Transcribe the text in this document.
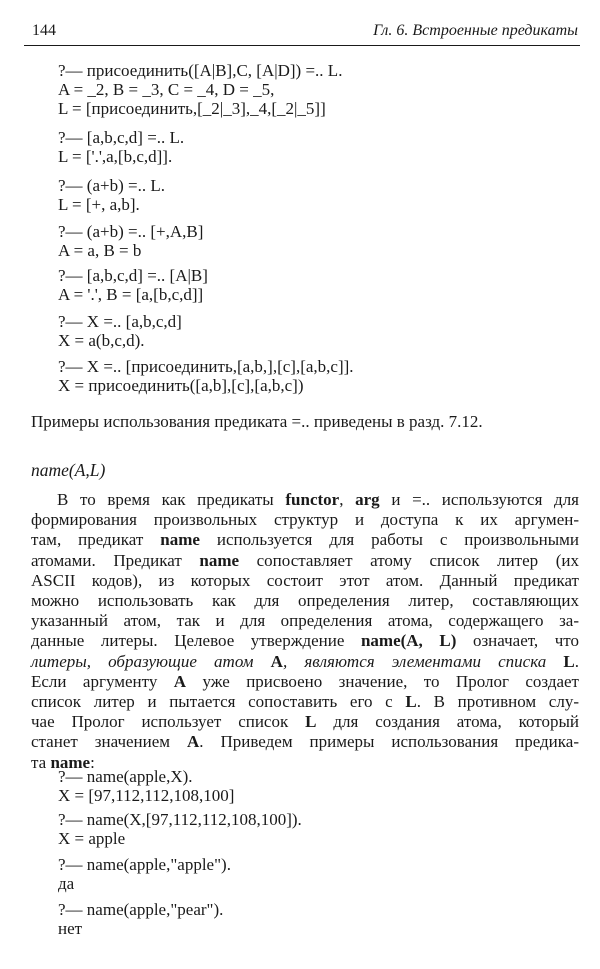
144	Гл. 6. Встроенные предикаты
?— присоединить([A|B],C, [A|D]) =.. L.
A = _2, B = _3, C = _4, D = _5,
L = [присоединить,[_2|_3],_4,[_2|_5]]
?— [a,b,c,d] =.. L.
L = ['.',a,[b,c,d]].
?— (a+b) =.. L.
L = [+, a,b].
?— (a+b) =.. [+,A,B]
A = a, B = b
?— [a,b,c,d] =.. [A|B]
A = '.', B = [a,[b,c,d]]
?— X =.. [a,b,c,d]
X = a(b,c,d).
?— X =.. [присоединить,[a,b,],[c],[a,b,c]].
X = присоединить([a,b],[c],[a,b,c])

Примеры использования предиката =.. приведены в разд. 7.12.

name(A,L)
В то время как предикаты functor, arg и =.. используются для
формирования произвольных структур и доступа к их аргумен-
там, предикат name используется для работы с произвольными
атомами. Предикат name сопоставляет атому список литер (их
ASCII кодов), из которых состоит этот атом. Данный предикат
можно использовать как для определения литер, составляющих
указанный атом, так и для определения атома, содержащего за-
данные литеры. Целевое утверждение name(A, L) означает, что
литеры, образующие атом A, являются элементами списка L.
Если аргументу A уже присвоено значение, то Пролог создает
список литер и пытается сопоставить его с L. В противном слу-
чае Пролог использует список L для создания атома, который
станет значением A. Приведем примеры использования предика-
та name:
?— name(apple,X).
X = [97,112,112,108,100]
?— name(X,[97,112,112,108,100]).
X = apple
?— name(apple,"apple").
да
?— name(apple,"pear").
нет
